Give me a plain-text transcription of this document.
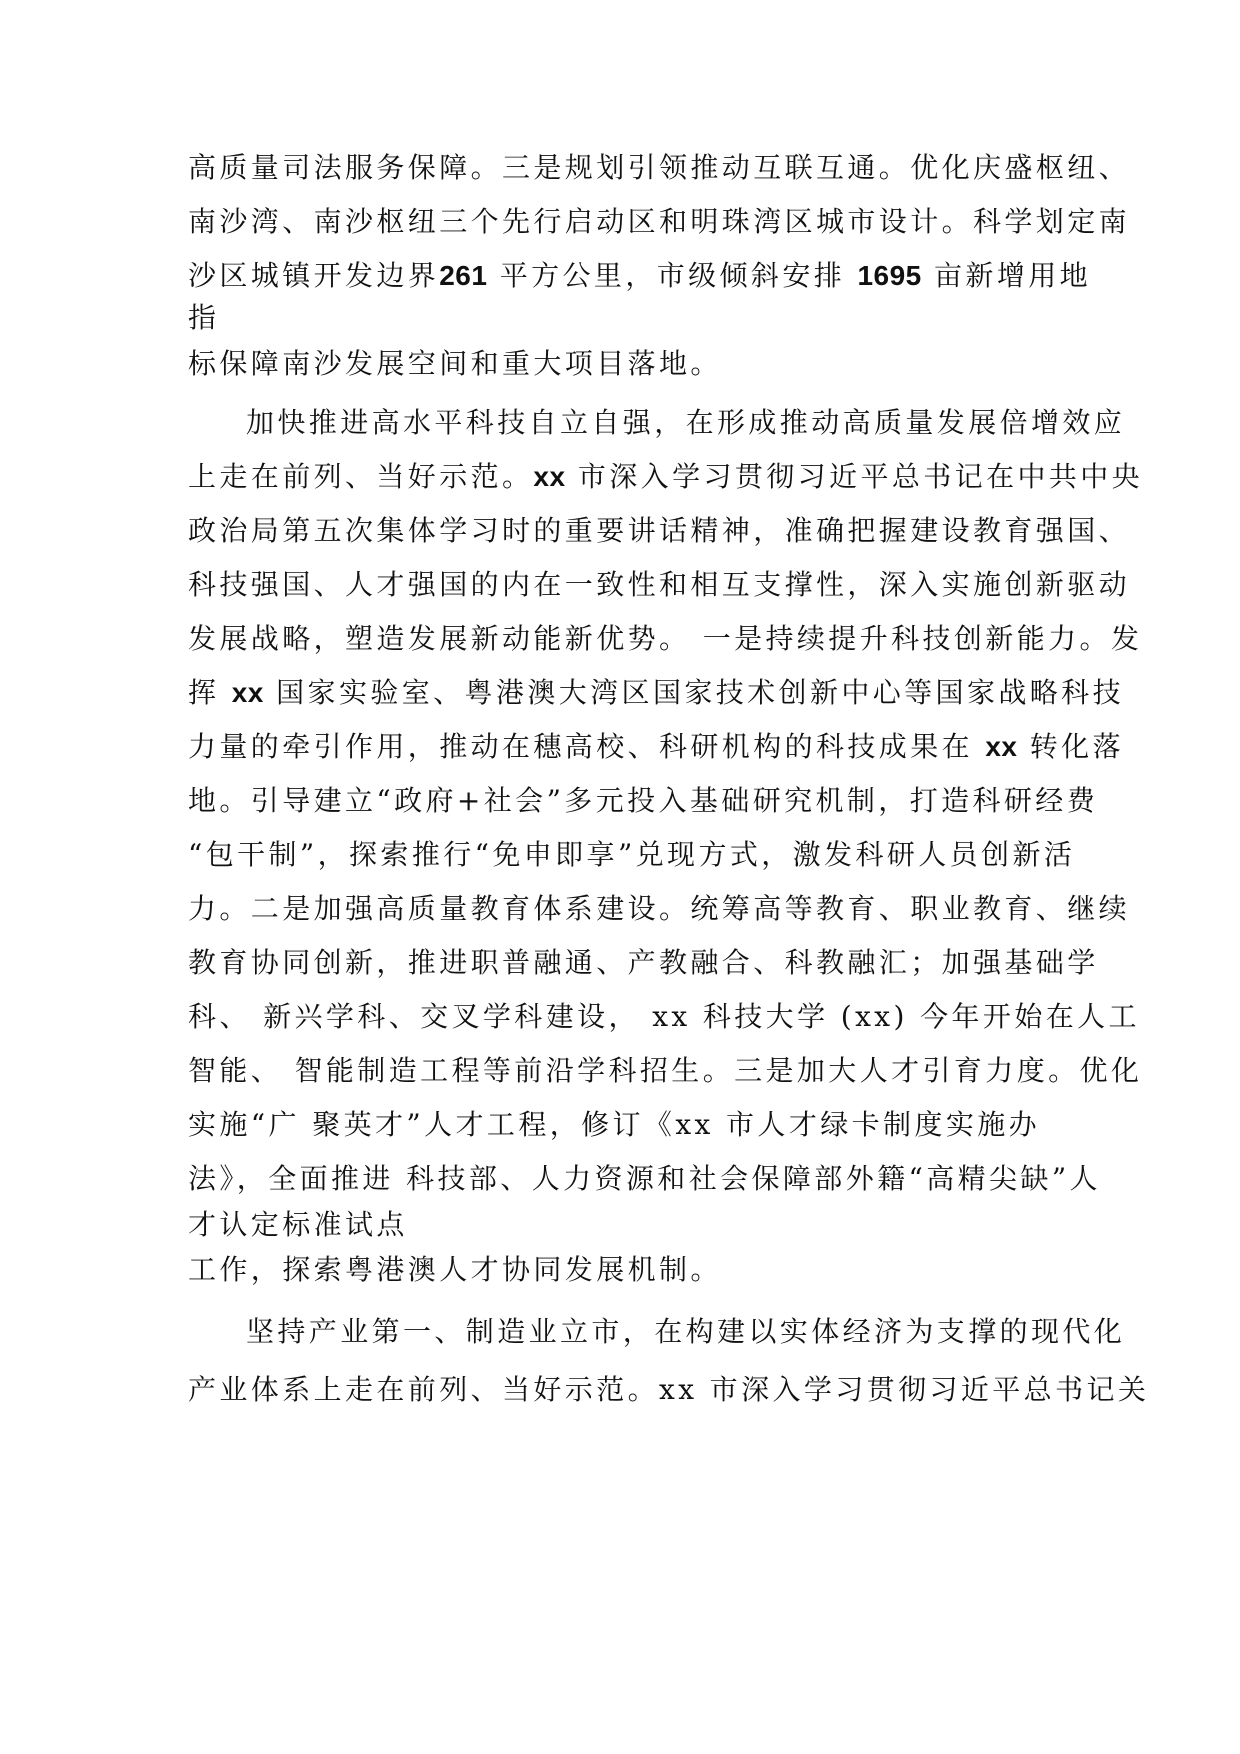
高质量司法服务保障。三是规划引领推动互联互通。优化庆盛枢纽、
南沙湾、南沙枢纽三个先行启动区和明珠湾区城市设计。科学划定南
沙区城镇开发边界261 平方公里，市级倾斜安排 1695 亩新增用地
指
标保障南沙发展空间和重大项目落地。
加快推进高水平科技自立自强，在形成推动高质量发展倍增效应
上走在前列、当好示范。xx 市深入学习贯彻习近平总书记在中共中央
政治局第五次集体学习时的重要讲话精神，准确把握建设教育强国、
科技强国、人才强国的内在一致性和相互支撑性，深入实施创新驱动
发展战略，塑造发展新动能新优势。 一是持续提升科技创新能力。发
挥 xx 国家实验室、粤港澳大湾区国家技术创新中心等国家战略科技
力量的牵引作用，推动在穗高校、科研机构的科技成果在 xx 转化落
地。引导建立“政府+社会”多元投入基础研究机制，打造科研经费
“包干制”，探索推行“免申即享”兑现方式，激发科研人员创新活
力。二是加强高质量教育体系建设。统筹高等教育、职业教育、继续
教育协同创新，推进职普融通、产教融合、科教融汇；加强基础学
科、 新兴学科、交叉学科建设， xx 科技大学 (xx) 今年开始在人工
智能、 智能制造工程等前沿学科招生。三是加大人才引育力度。优化
实施“广 聚英才”人才工程，修订《xx 市人才绿卡制度实施办
法》，全面推进 科技部、人力资源和社会保障部外籍“高精尖缺”人
才认定标准试点
工作，探索粤港澳人才协同发展机制。
坚持产业第一、制造业立市，在构建以实体经济为支撑的现代化
产业体系上走在前列、当好示范。xx 市深入学习贯彻习近平总书记关
